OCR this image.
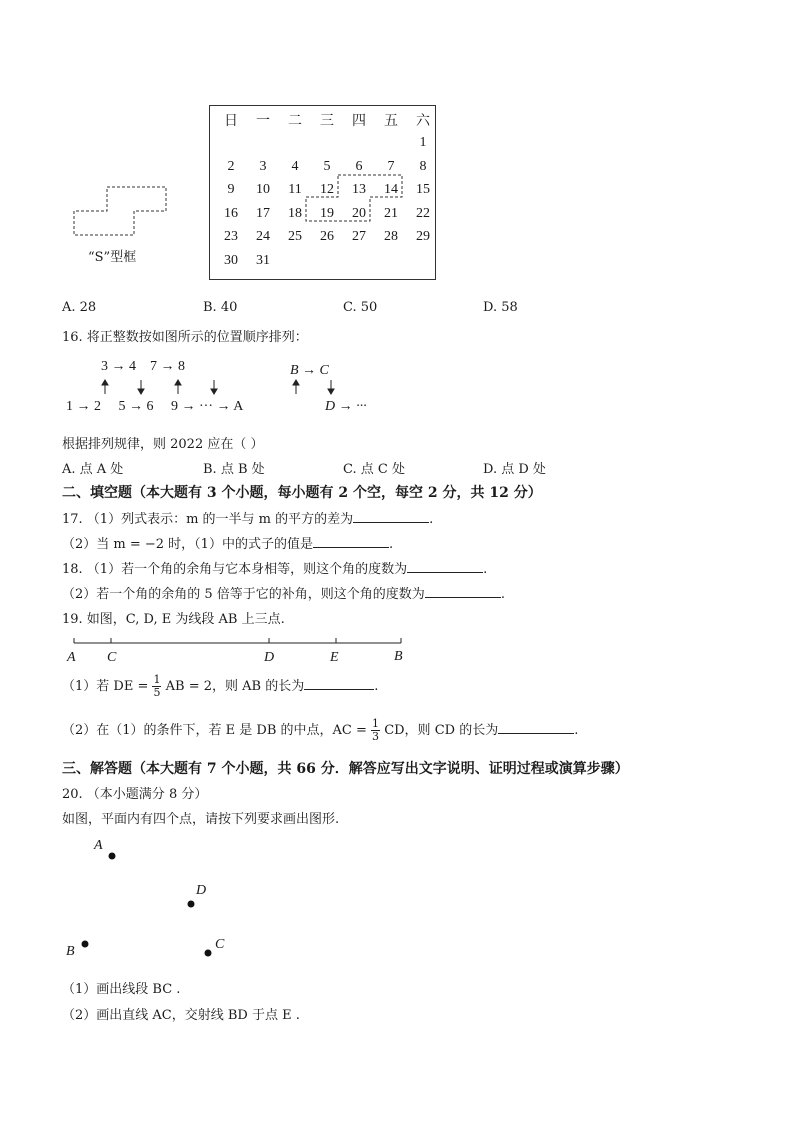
“S”型框
日	一	二	三	四	五	六
						1
2	3	4	5	6	7	8
9	10	11	12	13	14	15
16	17	18	19	20	21	22
23	24	25	26	27	28	29
30	31					
A. 28	B. 40	C. 50	D. 58
16. 将正整数按如图所示的位置顺序排列：
3 → 4    7 → 8	B → C
1 → 2     5 → 6     9 → ··· → A	D → ···
根据排列规律，则 2022 应在（ ）
A. 点 A 处	B. 点 B 处	C. 点 C 处	D. 点 D 处
二、填空题（本大题有 3 个小题，每小题有 2 个空，每空 2 分，共 12 分）
17. （1）列式表示：m 的一半与 m 的平方的差为	.
（2）当 m = −2 时，（1）中的式子的值是	.
18. （1）若一个角的余角与它本身相等，则这个角的度数为	.
（2）若一个角的余角的 5 倍等于它的补角，则这个角的度数为	.
19. 如图，C, D, E 为线段 AB 上三点.
A C	D	E	B
（1）若 DE = $\frac{1}{5}$ AB = 2，则 AB 的长为	.
（2）在（1）的条件下，若 E 是 DB 的中点，AC = $\frac{1}{3}$ CD，则 CD 的长为	.
三、解答题（本大题有 7 个小题，共 66 分．解答应写出文字说明、证明过程或演算步骤）
20. （本小题满分 8 分）
如图，平面内有四个点，请按下列要求画出图形.
A
D
B	C
（1）画出线段 BC .
（2）画出直线 AC，交射线 BD 于点 E .
